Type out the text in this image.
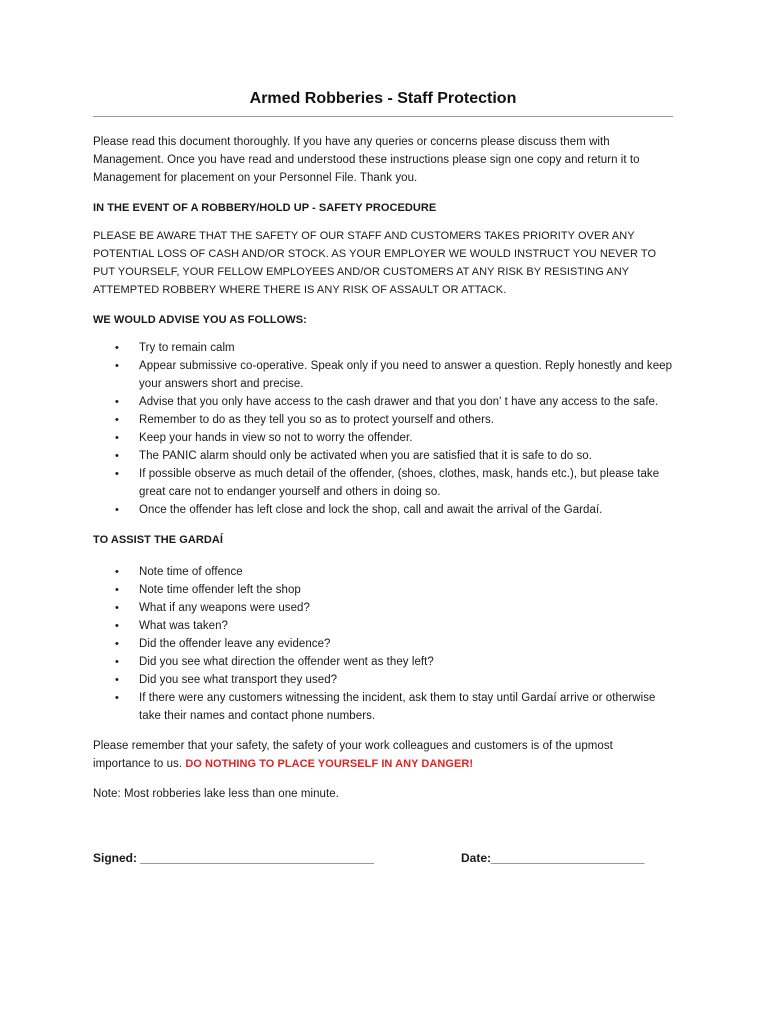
Armed Robberies - Staff Protection

Please read this document thoroughly. If you have any queries or concerns please discuss them with Management. Once you have read and understood these instructions please sign one copy and return it to Management for placement on your Personnel File. Thank you.

IN THE EVENT OF A ROBBERY/HOLD UP - SAFETY PROCEDURE

PLEASE BE AWARE THAT THE SAFETY OF OUR STAFF AND CUSTOMERS TAKES PRIORITY OVER ANY POTENTIAL LOSS OF CASH AND/OR STOCK. AS YOUR EMPLOYER WE WOULD INSTRUCT YOU NEVER TO PUT YOURSELF, YOUR FELLOW EMPLOYEES AND/OR CUSTOMERS AT ANY RISK BY RESISTING ANY ATTEMPTED ROBBERY WHERE THERE IS ANY RISK OF ASSAULT OR ATTACK.

WE WOULD ADVISE YOU AS FOLLOWS:

• Try to remain calm
• Appear submissive co-operative. Speak only if you need to answer a question. Reply honestly and keep your answers short and precise.
• Advise that you only have access to the cash drawer and that you don' t have any access to the safe.
• Remember to do as they tell you so as to protect yourself and others.
• Keep your hands in view so not to worry the offender.
• The PANIC alarm should only be activated when you are satisfied that it is safe to do so.
• If possible observe as much detail of the offender, (shoes, clothes, mask, hands etc.), but please take great care not to endanger yourself and others in doing so.
• Once the offender has left close and lock the shop, call and await the arrival of the Gardaí.

TO ASSIST THE GARDAÍ

• Note time of offence
• Note time offender left the shop
• What if any weapons were used?
• What was taken?
• Did the offender leave any evidence?
• Did you see what direction the offender went as they left?
• Did you see what transport they used?
• If there were any customers witnessing the incident, ask them to stay until Gardaí arrive or otherwise take their names and contact phone numbers.

Please remember that your safety, the safety of your work colleagues and customers is of the upmost importance to us. DO NOTHING TO PLACE YOURSELF IN ANY DANGER!

Note: Most robberies lake less than one minute.

Signed: ___________________________________	Date:_______________________
